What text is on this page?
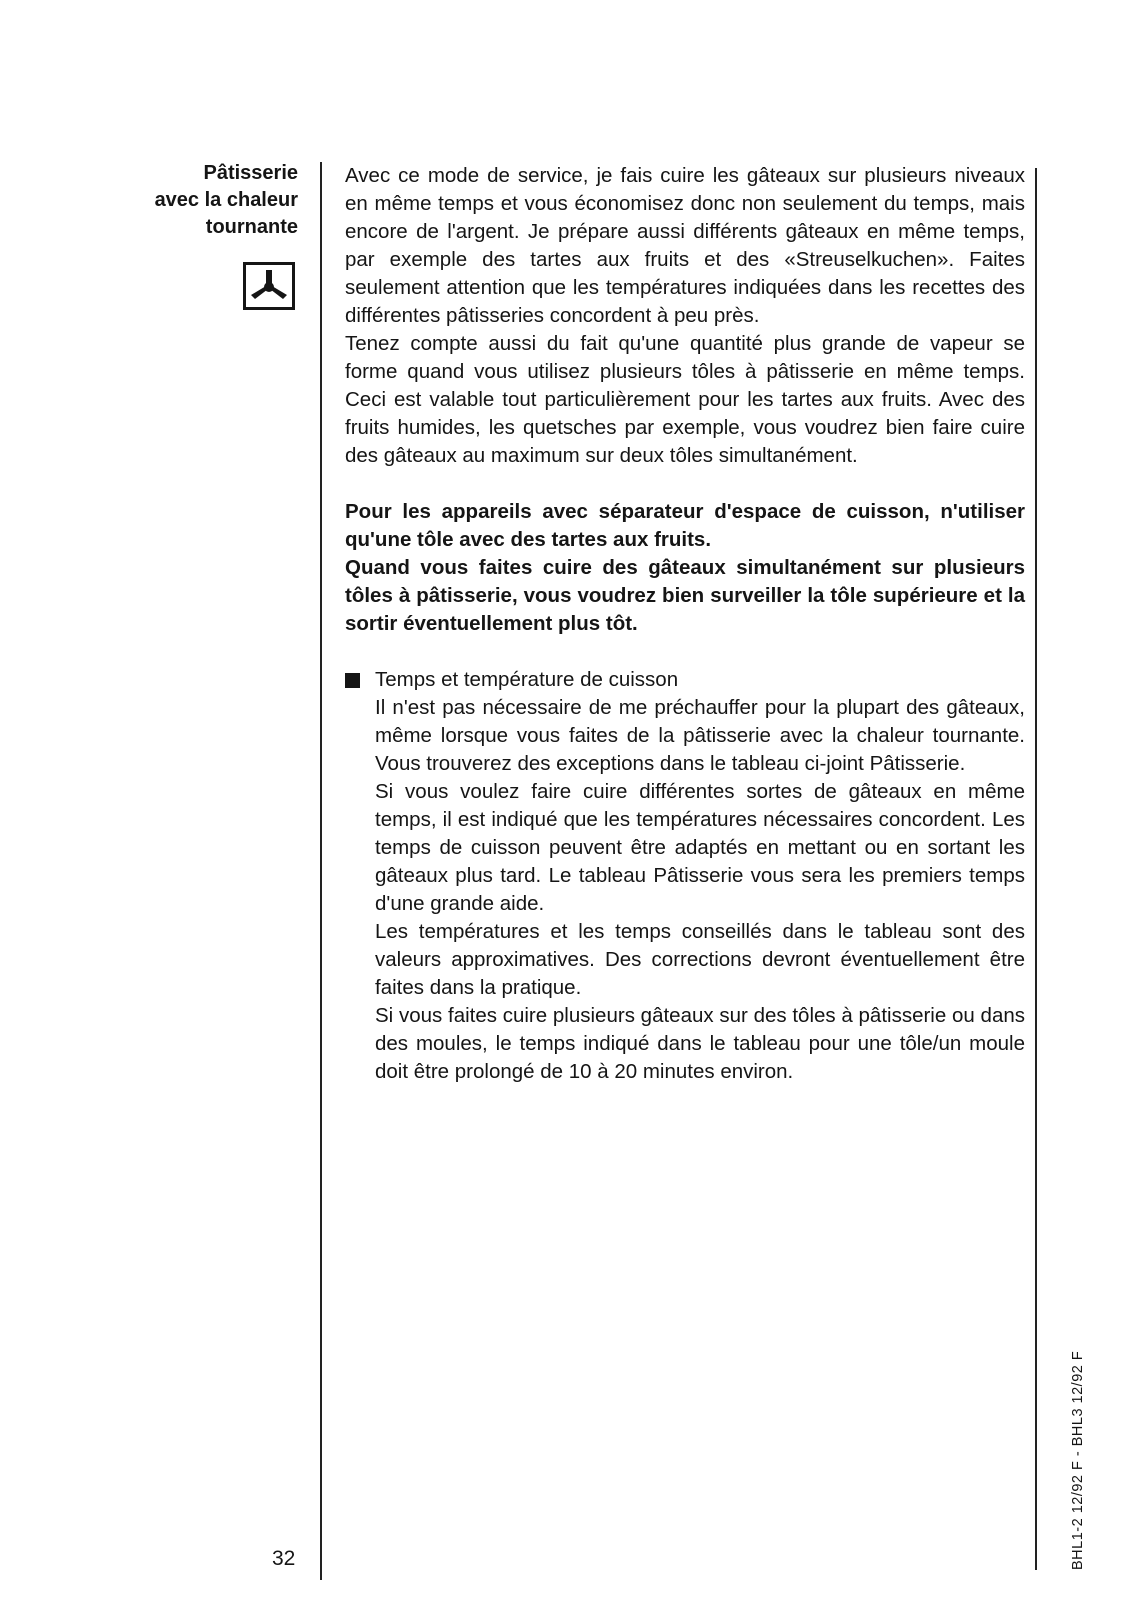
Pâtisserie
avec la chaleur
tournante

Avec ce mode de service, je fais cuire les gâteaux sur plusieurs niveaux en même temps et vous économisez donc non seulement du temps, mais encore de l'argent. Je prépare aussi différents gâteaux en même temps, par exemple des tartes aux fruits et des «Streuselkuchen». Faites seulement attention que les températures indiquées dans les recettes des différentes pâtisseries concordent à peu près.

Tenez compte aussi du fait qu'une quantité plus grande de vapeur se forme quand vous utilisez plusieurs tôles à pâtisserie en même temps. Ceci est valable tout particulièrement pour les tartes aux fruits. Avec des fruits humides, les quetsches par exemple, vous voudrez bien faire cuire des gâteaux au maximum sur deux tôles simultanément.

Pour les appareils avec séparateur d'espace de cuisson, n'utiliser qu'une tôle avec des tartes aux fruits.

Quand vous faites cuire des gâteaux simultanément sur plusieurs tôles à pâtisserie, vous voudrez bien surveiller la tôle supérieure et la sortir éventuellement plus tôt.

Temps et température de cuisson

Il n'est pas nécessaire de me préchauffer pour la plupart des gâteaux, même lorsque vous faites de la pâtisserie avec la chaleur tournante. Vous trouverez des exceptions dans le tableau ci-joint Pâtisserie.

Si vous voulez faire cuire différentes sortes de gâteaux en même temps, il est indiqué que les températures nécessaires concordent. Les temps de cuisson peuvent être adaptés en mettant ou en sortant les gâteaux plus tard. Le tableau Pâtisserie vous sera les premiers temps d'une grande aide.

Les températures et les temps conseillés dans le tableau sont des valeurs approximatives. Des corrections devront éventuellement être faites dans la pratique.

Si vous faites cuire plusieurs gâteaux sur des tôles à pâtisserie ou dans des moules, le temps indiqué dans le tableau pour une tôle/un moule doit être prolongé de 10 à 20 minutes environ.

32	BHL1-2 12/92 F - BHL3 12/92 F
